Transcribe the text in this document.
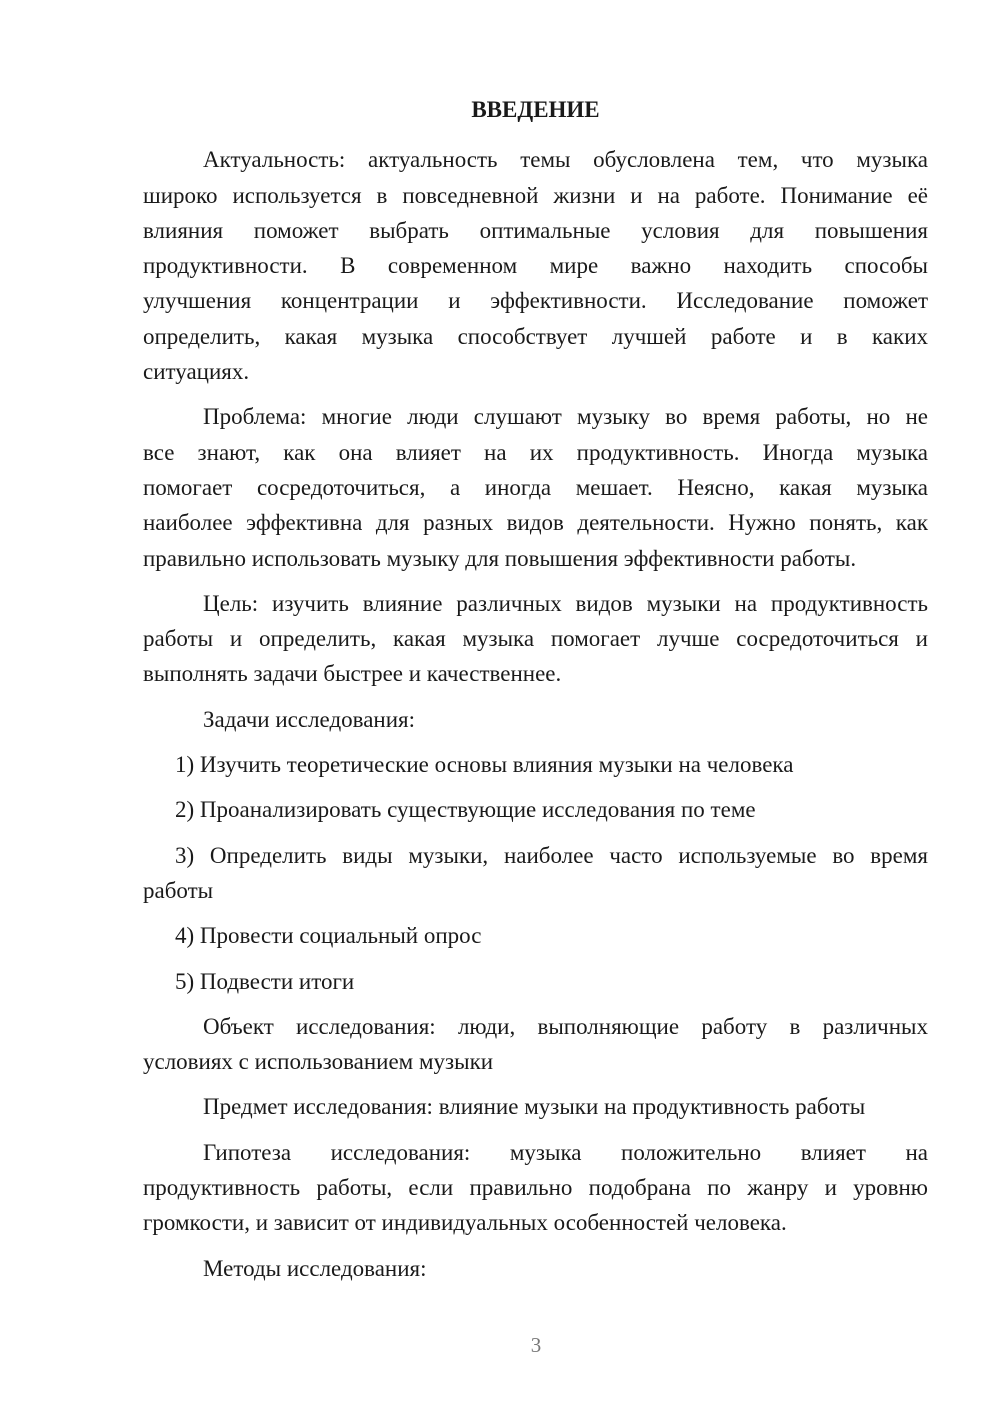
ВВЕДЕНИЕ
Актуальность: актуальность темы обусловлена тем, что музыка
широко используется в повседневной жизни и на работе. Понимание её
влияния поможет выбрать оптимальные условия для повышения
продуктивности. В современном мире важно находить способы
улучшения концентрации и эффективности. Исследование поможет
определить, какая музыка способствует лучшей работе и в каких
ситуациях.
Проблема: многие люди слушают музыку во время работы, но не
все знают, как она влияет на их продуктивность. Иногда музыка
помогает сосредоточиться, а иногда мешает. Неясно, какая музыка
наиболее эффективна для разных видов деятельности. Нужно понять, как
правильно использовать музыку для повышения эффективности работы.
Цель: изучить влияние различных видов музыки на продуктивность
работы и определить, какая музыка помогает лучше сосредоточиться и
выполнять задачи быстрее и качественнее.
Задачи исследования:
1) Изучить теоретические основы влияния музыки на человека
2) Проанализировать существующие исследования по теме
3) Определить виды музыки, наиболее часто используемые во время
работы
4) Провести социальный опрос
5) Подвести итоги
Объект исследования: люди, выполняющие работу в различных
условиях с использованием музыки
Предмет исследования: влияние музыки на продуктивность работы
Гипотеза исследования: музыка положительно влияет на
продуктивность работы, если правильно подобрана по жанру и уровню
громкости, и зависит от индивидуальных особенностей человека.
Методы исследования:
3
